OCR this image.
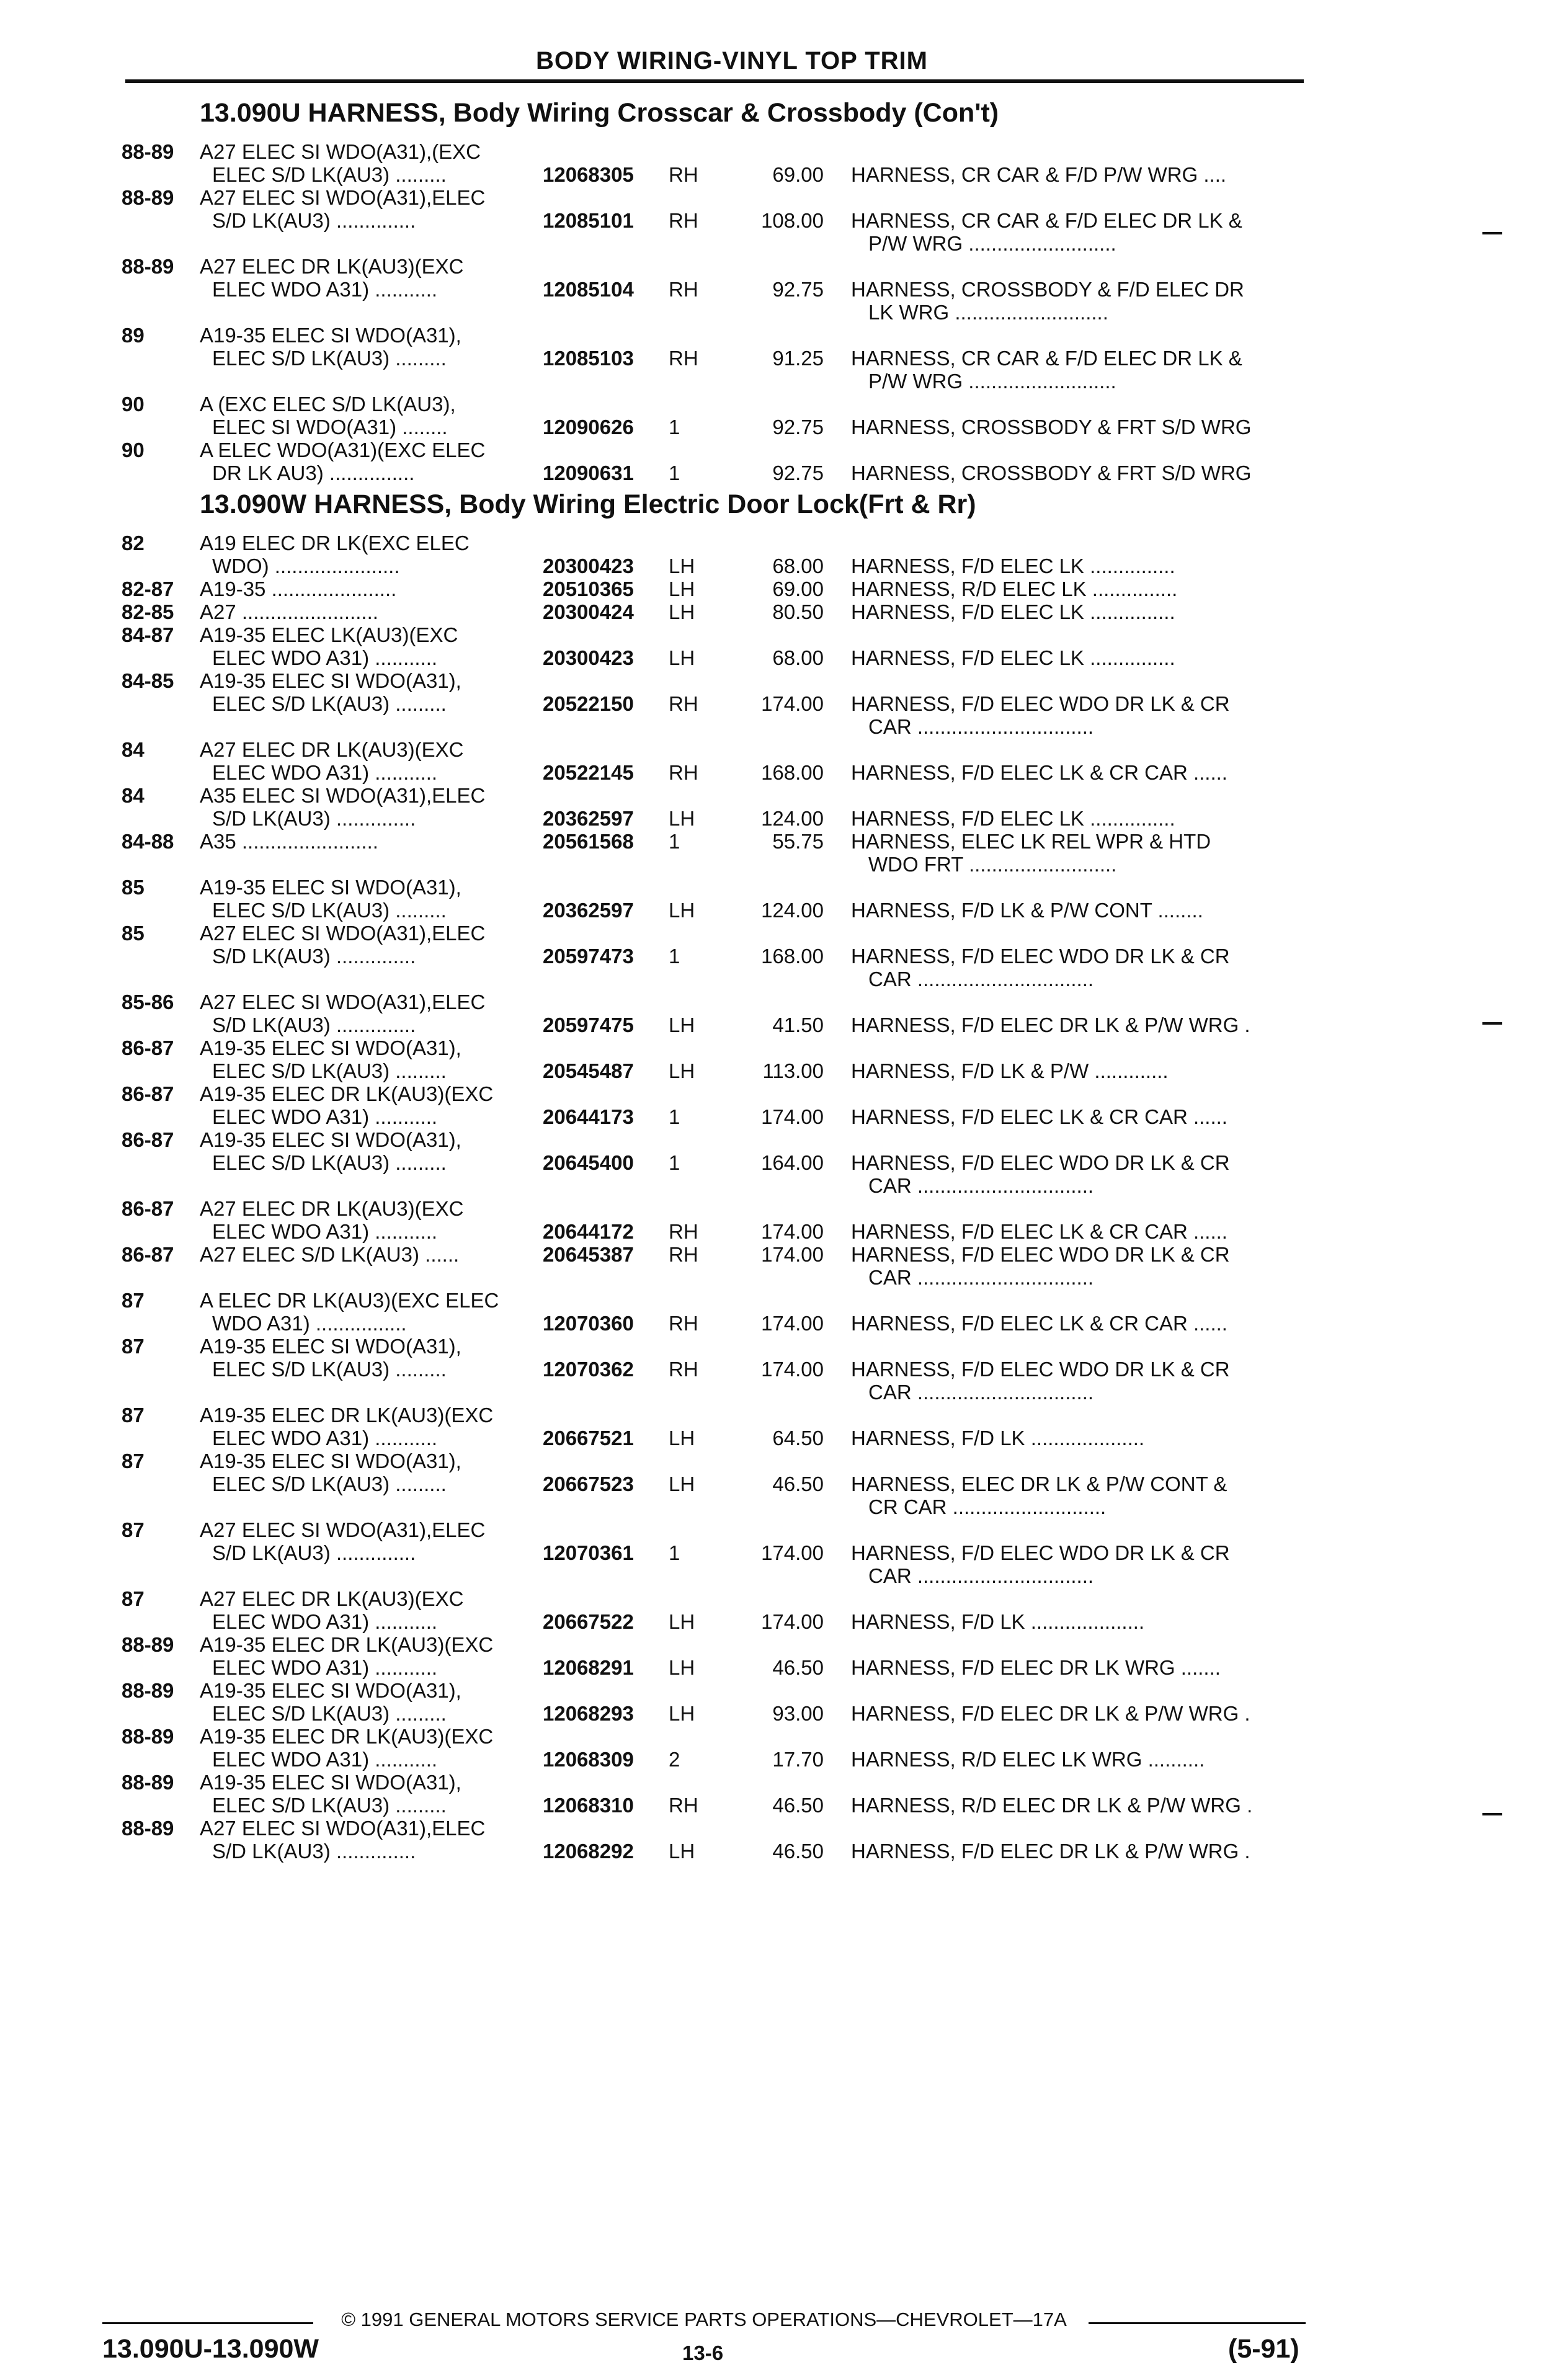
BODY WIRING-VINYL TOP TRIM
13.090U HARNESS, Body Wiring Crosscar & Crossbody (Con't)
88-89	A27 ELEC SI WDO(A31),(EXC
ELEC S/D LK(AU3) .........	12068305 RH	69.00 HARNESS, CR CAR & F/D P/W WRG ....
88-89	A27 ELEC SI WDO(A31),ELEC
S/D LK(AU3) ..............	12085101 RH	108.00 HARNESS, CR CAR & F/D ELEC DR LK &
P/W WRG ..........................
88-89	A27 ELEC DR LK(AU3)(EXC
ELEC WDO A31) ...........	12085104 RH	92.75 HARNESS, CROSSBODY & F/D ELEC DR
LK WRG ...........................
89	A19-35 ELEC SI WDO(A31),
ELEC S/D LK(AU3) .........	12085103 RH	91.25 HARNESS, CR CAR & F/D ELEC DR LK &
P/W WRG ..........................
90	A (EXC ELEC S/D LK(AU3),
ELEC SI WDO(A31) ........	12090626 1	92.75 HARNESS, CROSSBODY & FRT S/D WRG
90	A ELEC WDO(A31)(EXC ELEC
DR LK AU3) ...............	12090631 1	92.75 HARNESS, CROSSBODY & FRT S/D WRG
13.090W HARNESS, Body Wiring Electric Door Lock(Frt & Rr)
82	A19 ELEC DR LK(EXC ELEC
WDO) ......................	20300423 LH	68.00 HARNESS, F/D ELEC LK ...............
82-87	A19-35 ......................	20510365 LH	69.00 HARNESS, R/D ELEC LK ...............
82-85	A27 ........................	20300424 LH	80.50 HARNESS, F/D ELEC LK ...............
84-87	A19-35 ELEC LK(AU3)(EXC
ELEC WDO A31) ...........	20300423 LH	68.00 HARNESS, F/D ELEC LK ...............
84-85	A19-35 ELEC SI WDO(A31),
ELEC S/D LK(AU3) .........	20522150 RH	174.00 HARNESS, F/D ELEC WDO DR LK & CR
CAR ...............................
84	A27 ELEC DR LK(AU3)(EXC
ELEC WDO A31) ...........	20522145 RH	168.00 HARNESS, F/D ELEC LK & CR CAR ......
84	A35 ELEC SI WDO(A31),ELEC
S/D LK(AU3) ..............	20362597 LH	124.00 HARNESS, F/D ELEC LK ...............
84-88	A35 ........................	20561568 1	55.75 HARNESS, ELEC LK REL WPR & HTD
WDO FRT ..........................
85	A19-35 ELEC SI WDO(A31),
ELEC S/D LK(AU3) .........	20362597 LH	124.00 HARNESS, F/D LK & P/W CONT ........
85	A27 ELEC SI WDO(A31),ELEC
S/D LK(AU3) ..............	20597473 1	168.00 HARNESS, F/D ELEC WDO DR LK & CR
CAR ...............................
85-86	A27 ELEC SI WDO(A31),ELEC
S/D LK(AU3) ..............	20597475 LH	41.50 HARNESS, F/D ELEC DR LK & P/W WRG .
86-87	A19-35 ELEC SI WDO(A31),
ELEC S/D LK(AU3) .........	20545487 LH	113.00 HARNESS, F/D LK & P/W .............
86-87	A19-35 ELEC DR LK(AU3)(EXC
ELEC WDO A31) ...........	20644173 1	174.00 HARNESS, F/D ELEC LK & CR CAR ......
86-87	A19-35 ELEC SI WDO(A31),
ELEC S/D LK(AU3) .........	20645400 1	164.00 HARNESS, F/D ELEC WDO DR LK & CR
CAR ...............................
86-87	A27 ELEC DR LK(AU3)(EXC
ELEC WDO A31) ...........	20644172 RH	174.00 HARNESS, F/D ELEC LK & CR CAR ......
86-87	A27 ELEC S/D LK(AU3) ......	20645387 RH	174.00 HARNESS, F/D ELEC WDO DR LK & CR
CAR ...............................
87	A ELEC DR LK(AU3)(EXC ELEC
WDO A31) ................	12070360 RH	174.00 HARNESS, F/D ELEC LK & CR CAR ......
87	A19-35 ELEC SI WDO(A31),
ELEC S/D LK(AU3) .........	12070362 RH	174.00 HARNESS, F/D ELEC WDO DR LK & CR
CAR ...............................
87	A19-35 ELEC DR LK(AU3)(EXC
ELEC WDO A31) ...........	20667521 LH	64.50 HARNESS, F/D LK ....................
87	A19-35 ELEC SI WDO(A31),
ELEC S/D LK(AU3) .........	20667523 LH	46.50 HARNESS, ELEC DR LK & P/W CONT &
CR CAR ...........................
87	A27 ELEC SI WDO(A31),ELEC
S/D LK(AU3) ..............	12070361 1	174.00 HARNESS, F/D ELEC WDO DR LK & CR
CAR ...............................
87	A27 ELEC DR LK(AU3)(EXC
ELEC WDO A31) ...........	20667522 LH	174.00 HARNESS, F/D LK ....................
88-89	A19-35 ELEC DR LK(AU3)(EXC
ELEC WDO A31) ...........	12068291 LH	46.50 HARNESS, F/D ELEC DR LK WRG .......
88-89	A19-35 ELEC SI WDO(A31),
ELEC S/D LK(AU3) .........	12068293 LH	93.00 HARNESS, F/D ELEC DR LK & P/W WRG .
88-89	A19-35 ELEC DR LK(AU3)(EXC
ELEC WDO A31) ...........	12068309 2	17.70 HARNESS, R/D ELEC LK WRG ..........
88-89	A19-35 ELEC SI WDO(A31),
ELEC S/D LK(AU3) .........	12068310 RH	46.50 HARNESS, R/D ELEC DR LK & P/W WRG .
88-89	A27 ELEC SI WDO(A31),ELEC
S/D LK(AU3) ..............	12068292 LH	46.50 HARNESS, F/D ELEC DR LK & P/W WRG .
© 1991 GENERAL MOTORS SERVICE PARTS OPERATIONS—CHEVROLET—17A
13.090U-13.090W	13-6	(5-91)
